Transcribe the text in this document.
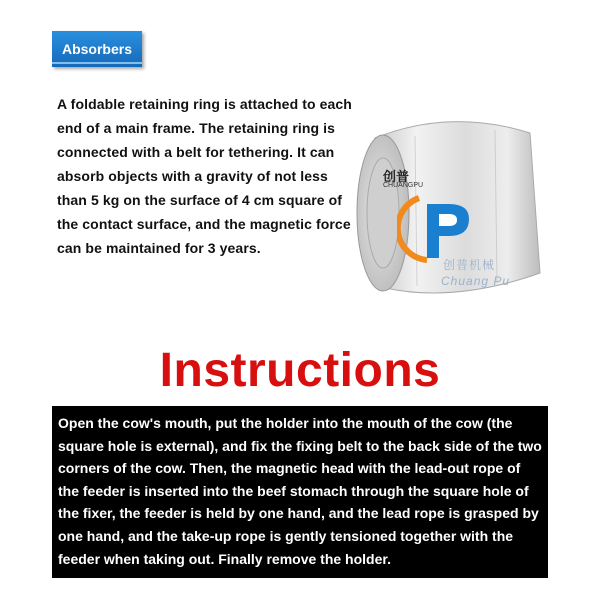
Absorbers
A foldable retaining ring is attached to each end of a main frame. The retaining ring is connected with a belt for tethering. It can absorb objects with a gravity of not less than 5 kg on the surface of 4 cm square of the contact surface, and the magnetic force can be maintained for 3 years.
创普
CHUANGPU
创普机械
Chuang Pu
Instructions
Open the cow's mouth, put the holder into the mouth of the cow (the square hole is external), and fix the fixing belt to the back side of the two corners of the cow. Then, the magnetic head with the lead-out rope of the feeder is inserted into the beef stomach through the square hole of the fixer, the feeder is held by one hand, and the lead rope is grasped by one hand, and the take-up rope is gently tensioned together with the feeder when taking out. Finally remove the holder.
